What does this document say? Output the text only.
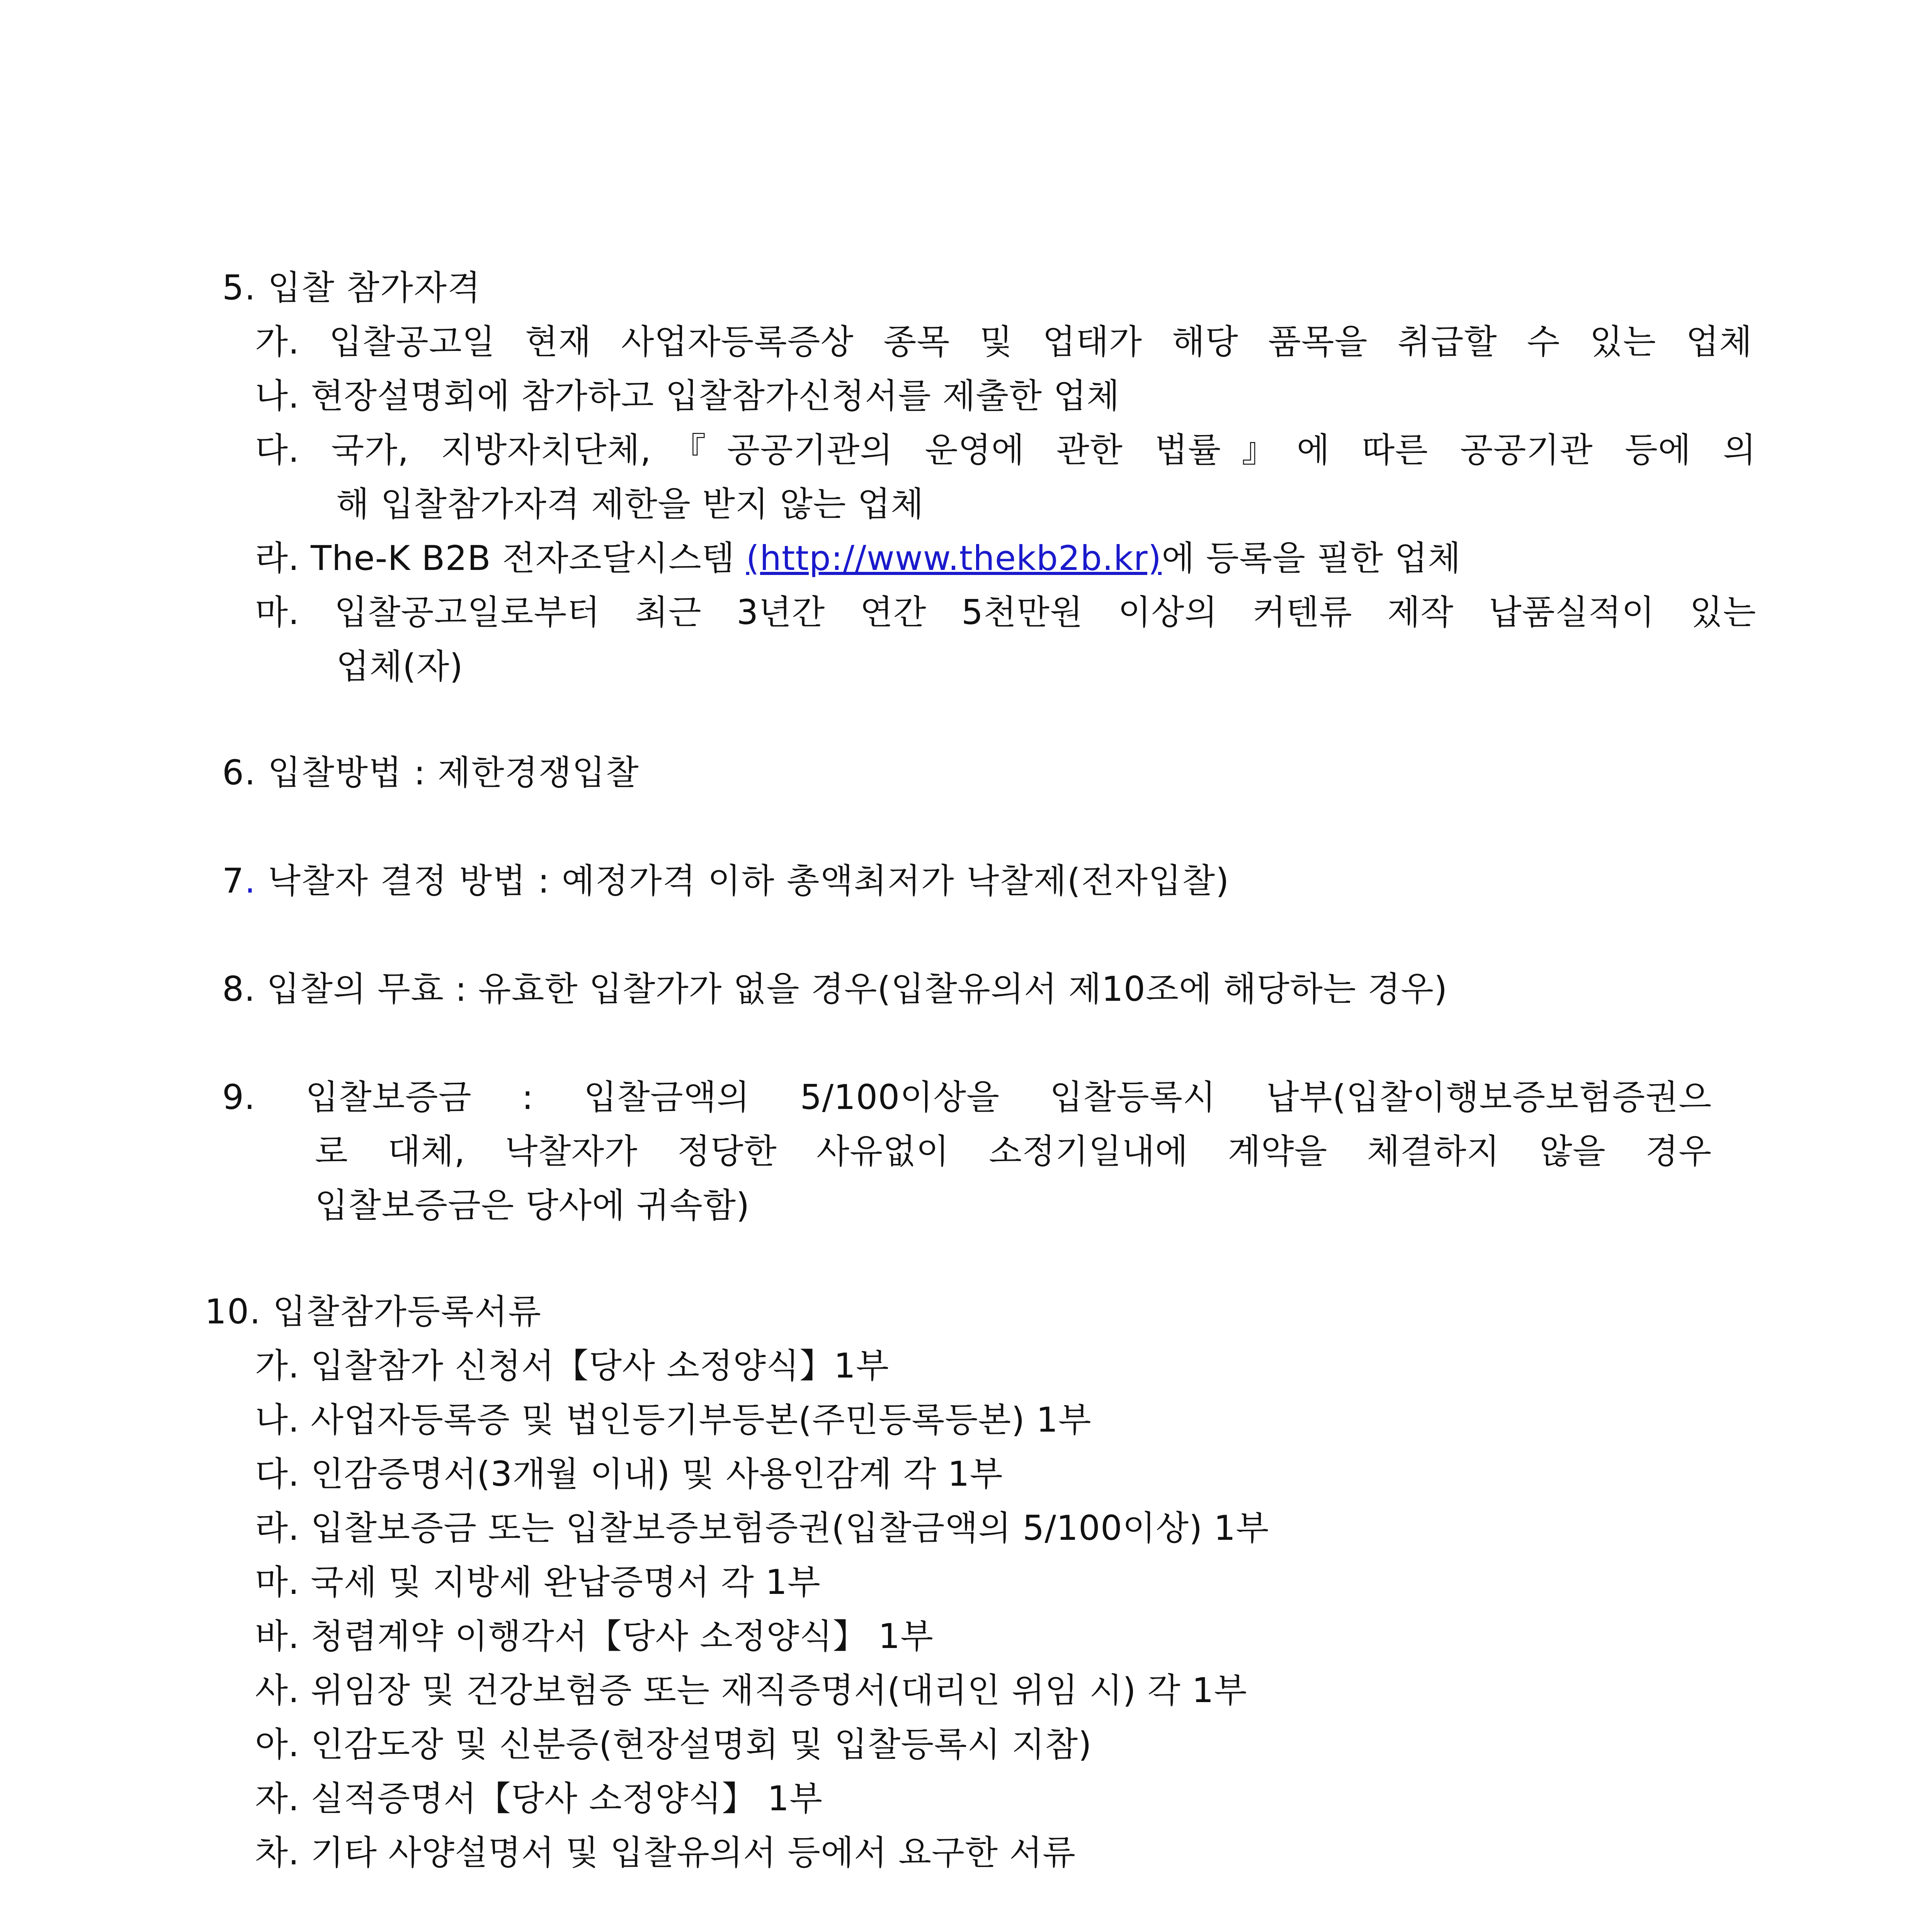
5. 입찰 참가자격
가. 입찰공고일 현재 사업자등록증상 종목 및 업태가 해당 품목을 취급할 수 있는 업체
나. 현장설명회에 참가하고 입찰참가신청서를 제출한 업체
다. 국가, 지방자치단체,『공공기관의 운영에 관한 법률』에 따른 공공기관 등에 의
해 입찰참가자격 제한을 받지 않는 업체
라. The-K B2B 전자조달시스템 (http://www.thekb2b.kr)에 등록을 필한 업체
마. 입찰공고일로부터 최근 3년간 연간 5천만원 이상의 커텐류 제작 납품실적이 있는
업체(자)
6. 입찰방법 : 제한경쟁입찰
7. 낙찰자 결정 방법 : 예정가격 이하 총액최저가 낙찰제(전자입찰)
8. 입찰의 무효 : 유효한 입찰가가 없을 경우(입찰유의서 제10조에 해당하는 경우)
9. 입찰보증금 : 입찰금액의 5/100이상을 입찰등록시 납부(입찰이행보증보험증권으
로 대체, 낙찰자가 정당한 사유없이 소정기일내에 계약을 체결하지 않을 경우
입찰보증금은 당사에 귀속함)
10. 입찰참가등록서류
가. 입찰참가 신청서【당사 소정양식】1부
나. 사업자등록증 및 법인등기부등본(주민등록등본) 1부
다. 인감증명서(3개월 이내) 및 사용인감계 각 1부
라. 입찰보증금 또는 입찰보증보험증권(입찰금액의 5/100이상) 1부
마. 국세 및 지방세 완납증명서 각 1부
바. 청렴계약 이행각서【당사 소정양식】 1부
사. 위임장 및 건강보험증 또는 재직증명서(대리인 위임 시) 각 1부
아. 인감도장 및 신분증(현장설명회 및 입찰등록시 지참)
자. 실적증명서【당사 소정양식】 1부
차. 기타 사양설명서 및 입찰유의서 등에서 요구한 서류
